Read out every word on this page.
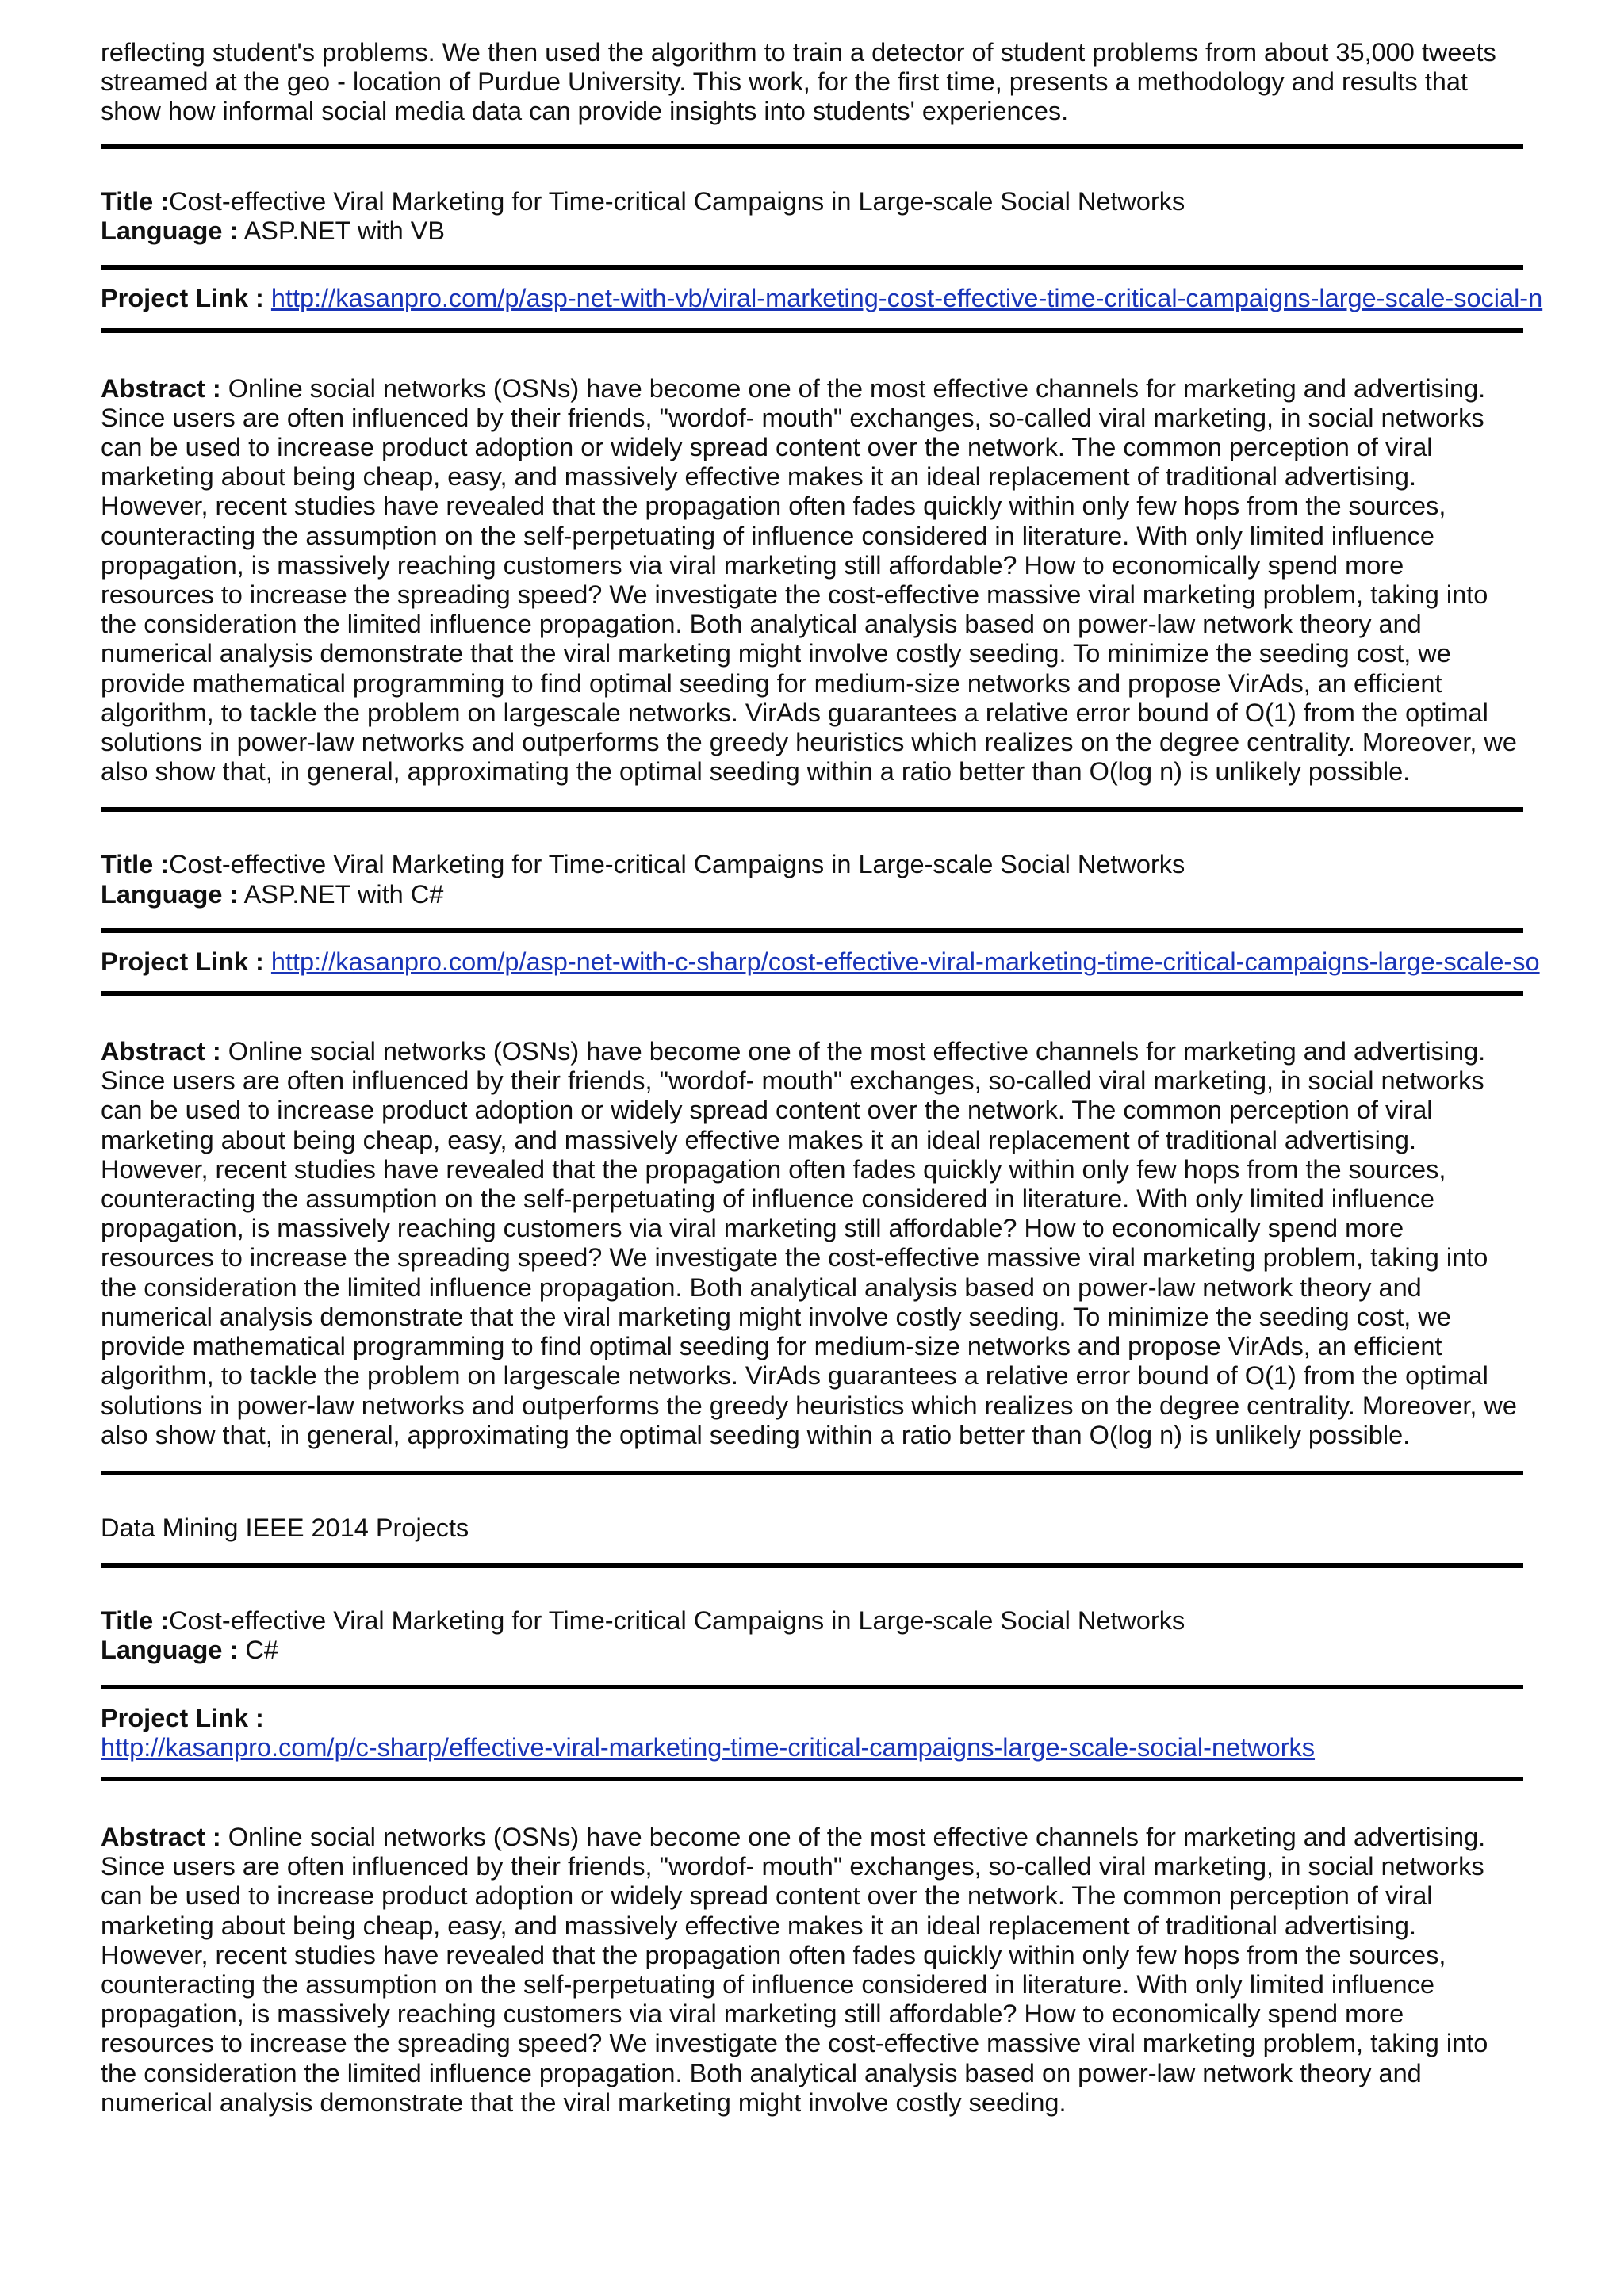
reflecting student's problems. We then used the algorithm to train a detector of student problems from about 35,000 tweets streamed at the geo - location of Purdue University. This work, for the first time, presents a methodology and results that show how informal social media data can provide insights into students' experiences.

Title :Cost-effective Viral Marketing for Time-critical Campaigns in Large-scale Social Networks

Language : ASP.NET with VB

Project Link : http://kasanpro.com/p/asp-net-with-vb/viral-marketing-cost-effective-time-critical-campaigns-large-scale-social-n

Abstract : Online social networks (OSNs) have become one of the most effective channels for marketing and advertising. Since users are often influenced by their friends, "wordof- mouth" exchanges, so-called viral marketing, in social networks can be used to increase product adoption or widely spread content over the network. The common perception of viral marketing about being cheap, easy, and massively effective makes it an ideal replacement of traditional advertising. However, recent studies have revealed that the propagation often fades quickly within only few hops from the sources, counteracting the assumption on the self-perpetuating of influence considered in literature. With only limited influence propagation, is massively reaching customers via viral marketing still affordable? How to economically spend more resources to increase the spreading speed? We investigate the cost-effective massive viral marketing problem, taking into the consideration the limited influence propagation. Both analytical analysis based on power-law network theory and numerical analysis demonstrate that the viral marketing might involve costly seeding. To minimize the seeding cost, we provide mathematical programming to find optimal seeding for medium-size networks and propose VirAds, an efficient algorithm, to tackle the problem on largescale networks. VirAds guarantees a relative error bound of O(1) from the optimal solutions in power-law networks and outperforms the greedy heuristics which realizes on the degree centrality. Moreover, we also show that, in general, approximating the optimal seeding within a ratio better than O(log n) is unlikely possible.

Title :Cost-effective Viral Marketing for Time-critical Campaigns in Large-scale Social Networks

Language : ASP.NET with C#

Project Link : http://kasanpro.com/p/asp-net-with-c-sharp/cost-effective-viral-marketing-time-critical-campaigns-large-scale-so

Abstract : Online social networks (OSNs) have become one of the most effective channels for marketing and advertising. Since users are often influenced by their friends, "wordof- mouth" exchanges, so-called viral marketing, in social networks can be used to increase product adoption or widely spread content over the network. The common perception of viral marketing about being cheap, easy, and massively effective makes it an ideal replacement of traditional advertising. However, recent studies have revealed that the propagation often fades quickly within only few hops from the sources, counteracting the assumption on the self-perpetuating of influence considered in literature. With only limited influence propagation, is massively reaching customers via viral marketing still affordable? How to economically spend more resources to increase the spreading speed? We investigate the cost-effective massive viral marketing problem, taking into the consideration the limited influence propagation. Both analytical analysis based on power-law network theory and numerical analysis demonstrate that the viral marketing might involve costly seeding. To minimize the seeding cost, we provide mathematical programming to find optimal seeding for medium-size networks and propose VirAds, an efficient algorithm, to tackle the problem on largescale networks. VirAds guarantees a relative error bound of O(1) from the optimal solutions in power-law networks and outperforms the greedy heuristics which realizes on the degree centrality. Moreover, we also show that, in general, approximating the optimal seeding within a ratio better than O(log n) is unlikely possible.

Data Mining IEEE 2014 Projects

Title :Cost-effective Viral Marketing for Time-critical Campaigns in Large-scale Social Networks

Language : C#

Project Link :

http://kasanpro.com/p/c-sharp/effective-viral-marketing-time-critical-campaigns-large-scale-social-networks

Abstract : Online social networks (OSNs) have become one of the most effective channels for marketing and advertising. Since users are often influenced by their friends, "wordof- mouth" exchanges, so-called viral marketing, in social networks can be used to increase product adoption or widely spread content over the network. The common perception of viral marketing about being cheap, easy, and massively effective makes it an ideal replacement of traditional advertising. However, recent studies have revealed that the propagation often fades quickly within only few hops from the sources, counteracting the assumption on the self-perpetuating of influence considered in literature. With only limited influence propagation, is massively reaching customers via viral marketing still affordable? How to economically spend more resources to increase the spreading speed? We investigate the cost-effective massive viral marketing problem, taking into the consideration the limited influence propagation. Both analytical analysis based on power-law network theory and numerical analysis demonstrate that the viral marketing might involve costly seeding.
